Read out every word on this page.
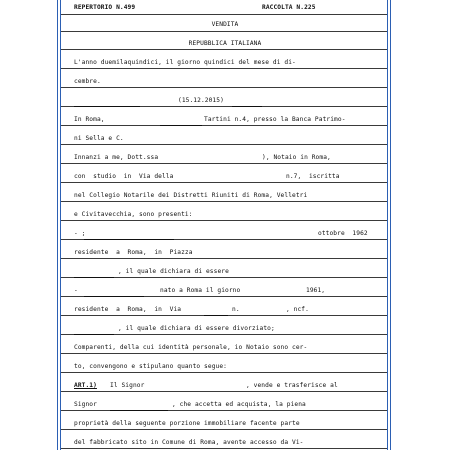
REPERTORIO N.499	RACCOLTA N.225
VENDITA
REPUBBLICA ITALIANA
L'anno duemilaquindici, il giorno quindici del mese di di-
cembre.
(15.12.2015)
In Roma,	Tartini n.4, presso la Banca Patrimo-
ni Sella e C.
Innanzi a me, Dott.ssa	), Notaio in Roma,
con  studio  in  Via della	n.7,  iscritta
nel Collegio Notarile dei Distretti Riuniti di Roma, Velletri
e Civitavecchia, sono presenti:
- ;	ottobre  1962
residente  a  Roma,  in  Piazza
, il quale dichiara di essere
-	nato a Roma il giorno	1961,
residente  a  Roma,  in  Via	n.	, ncf.
, il quale dichiara di essere divorziato;
Comparenti, della cui identità personale, io Notaio sono cer-
to, convengono e stipulano quanto segue:
ART.1) Il Signor	, vende e trasferisce al
Signor	, che accetta ed acquista, la piena
proprietà della seguente porzione immobiliare facente parte
del fabbricato sito in Comune di Roma, avente accesso da Vi-
